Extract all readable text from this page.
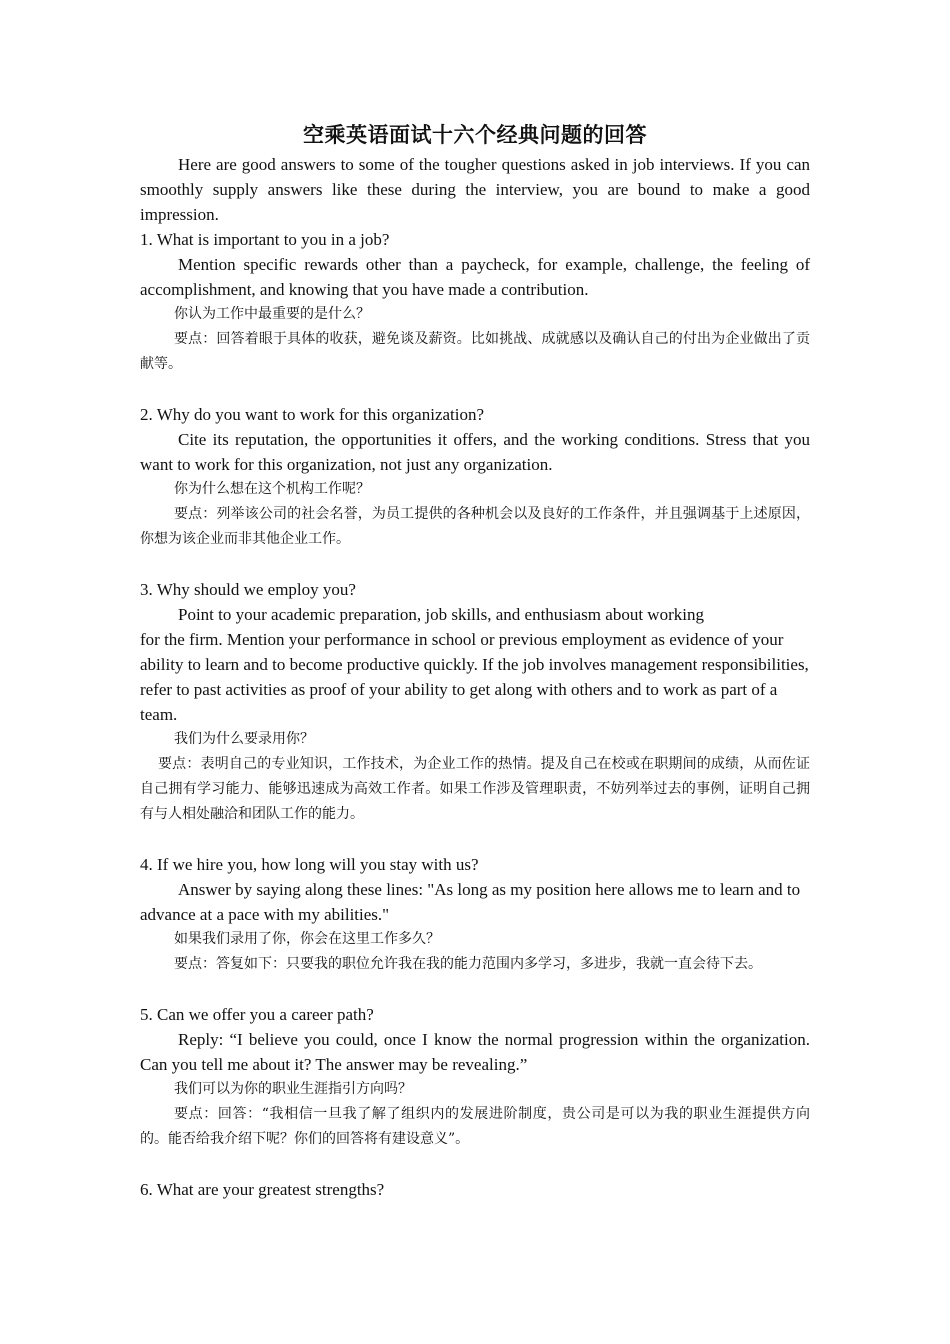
空乘英语面试十六个经典问题的回答

Here are good answers to some of the tougher questions asked in job interviews. If you can smoothly supply answers like these during the interview, you are bound to make a good impression.

1. What is important to you in a job?

Mention specific rewards other than a paycheck, for example, challenge, the feeling of accomplishment, and knowing that you have made a contribution.

你认为工作中最重要的是什么？

要点：回答着眼于具体的收获，避免谈及薪资。比如挑战、成就感以及确认自己的付出为企业做出了贡献等。

2. Why do you want to work for this organization?

Cite its reputation, the opportunities it offers, and the working conditions. Stress that you want to work for this organization, not just any organization.

你为什么想在这个机构工作呢？

要点：列举该公司的社会名誉，为员工提供的各种机会以及良好的工作条件，并且强调基于上述原因，你想为该企业而非其他企业工作。

3. Why should we employ you?

Point to your academic preparation, job skills, and enthusiasm about working

for the firm. Mention your performance in school or previous employment as evidence of your ability to learn and to become productive quickly. If the job involves management responsibilities, refer to past activities as proof of your ability to get along with others and to work as part of a team.

我们为什么要录用你？

要点：表明自己的专业知识，工作技术，为企业工作的热情。提及自己在校或在职期间的成绩，从而佐证自己拥有学习能力、能够迅速成为高效工作者。如果工作涉及管理职责，不妨列举过去的事例，证明自己拥有与人相处融洽和团队工作的能力。

4. If we hire you, how long will you stay with us?

Answer by saying along these lines: "As long as my position here allows me to learn and to advance at a pace with my abilities."

如果我们录用了你，你会在这里工作多久？

要点：答复如下：只要我的职位允许我在我的能力范围内多学习，多进步，我就一直会待下去。

5. Can we offer you a career path?

Reply: “I believe you could, once I know the normal progression within the organization. Can you tell me about it? The answer may be revealing.”

我们可以为你的职业生涯指引方向吗？

要点：回答：“我相信一旦我了解了组织内的发展进阶制度，贵公司是可以为我的职业生涯提供方向的。能否给我介绍下呢？你们的回答将有建设意义”。

6. What are your greatest strengths?
